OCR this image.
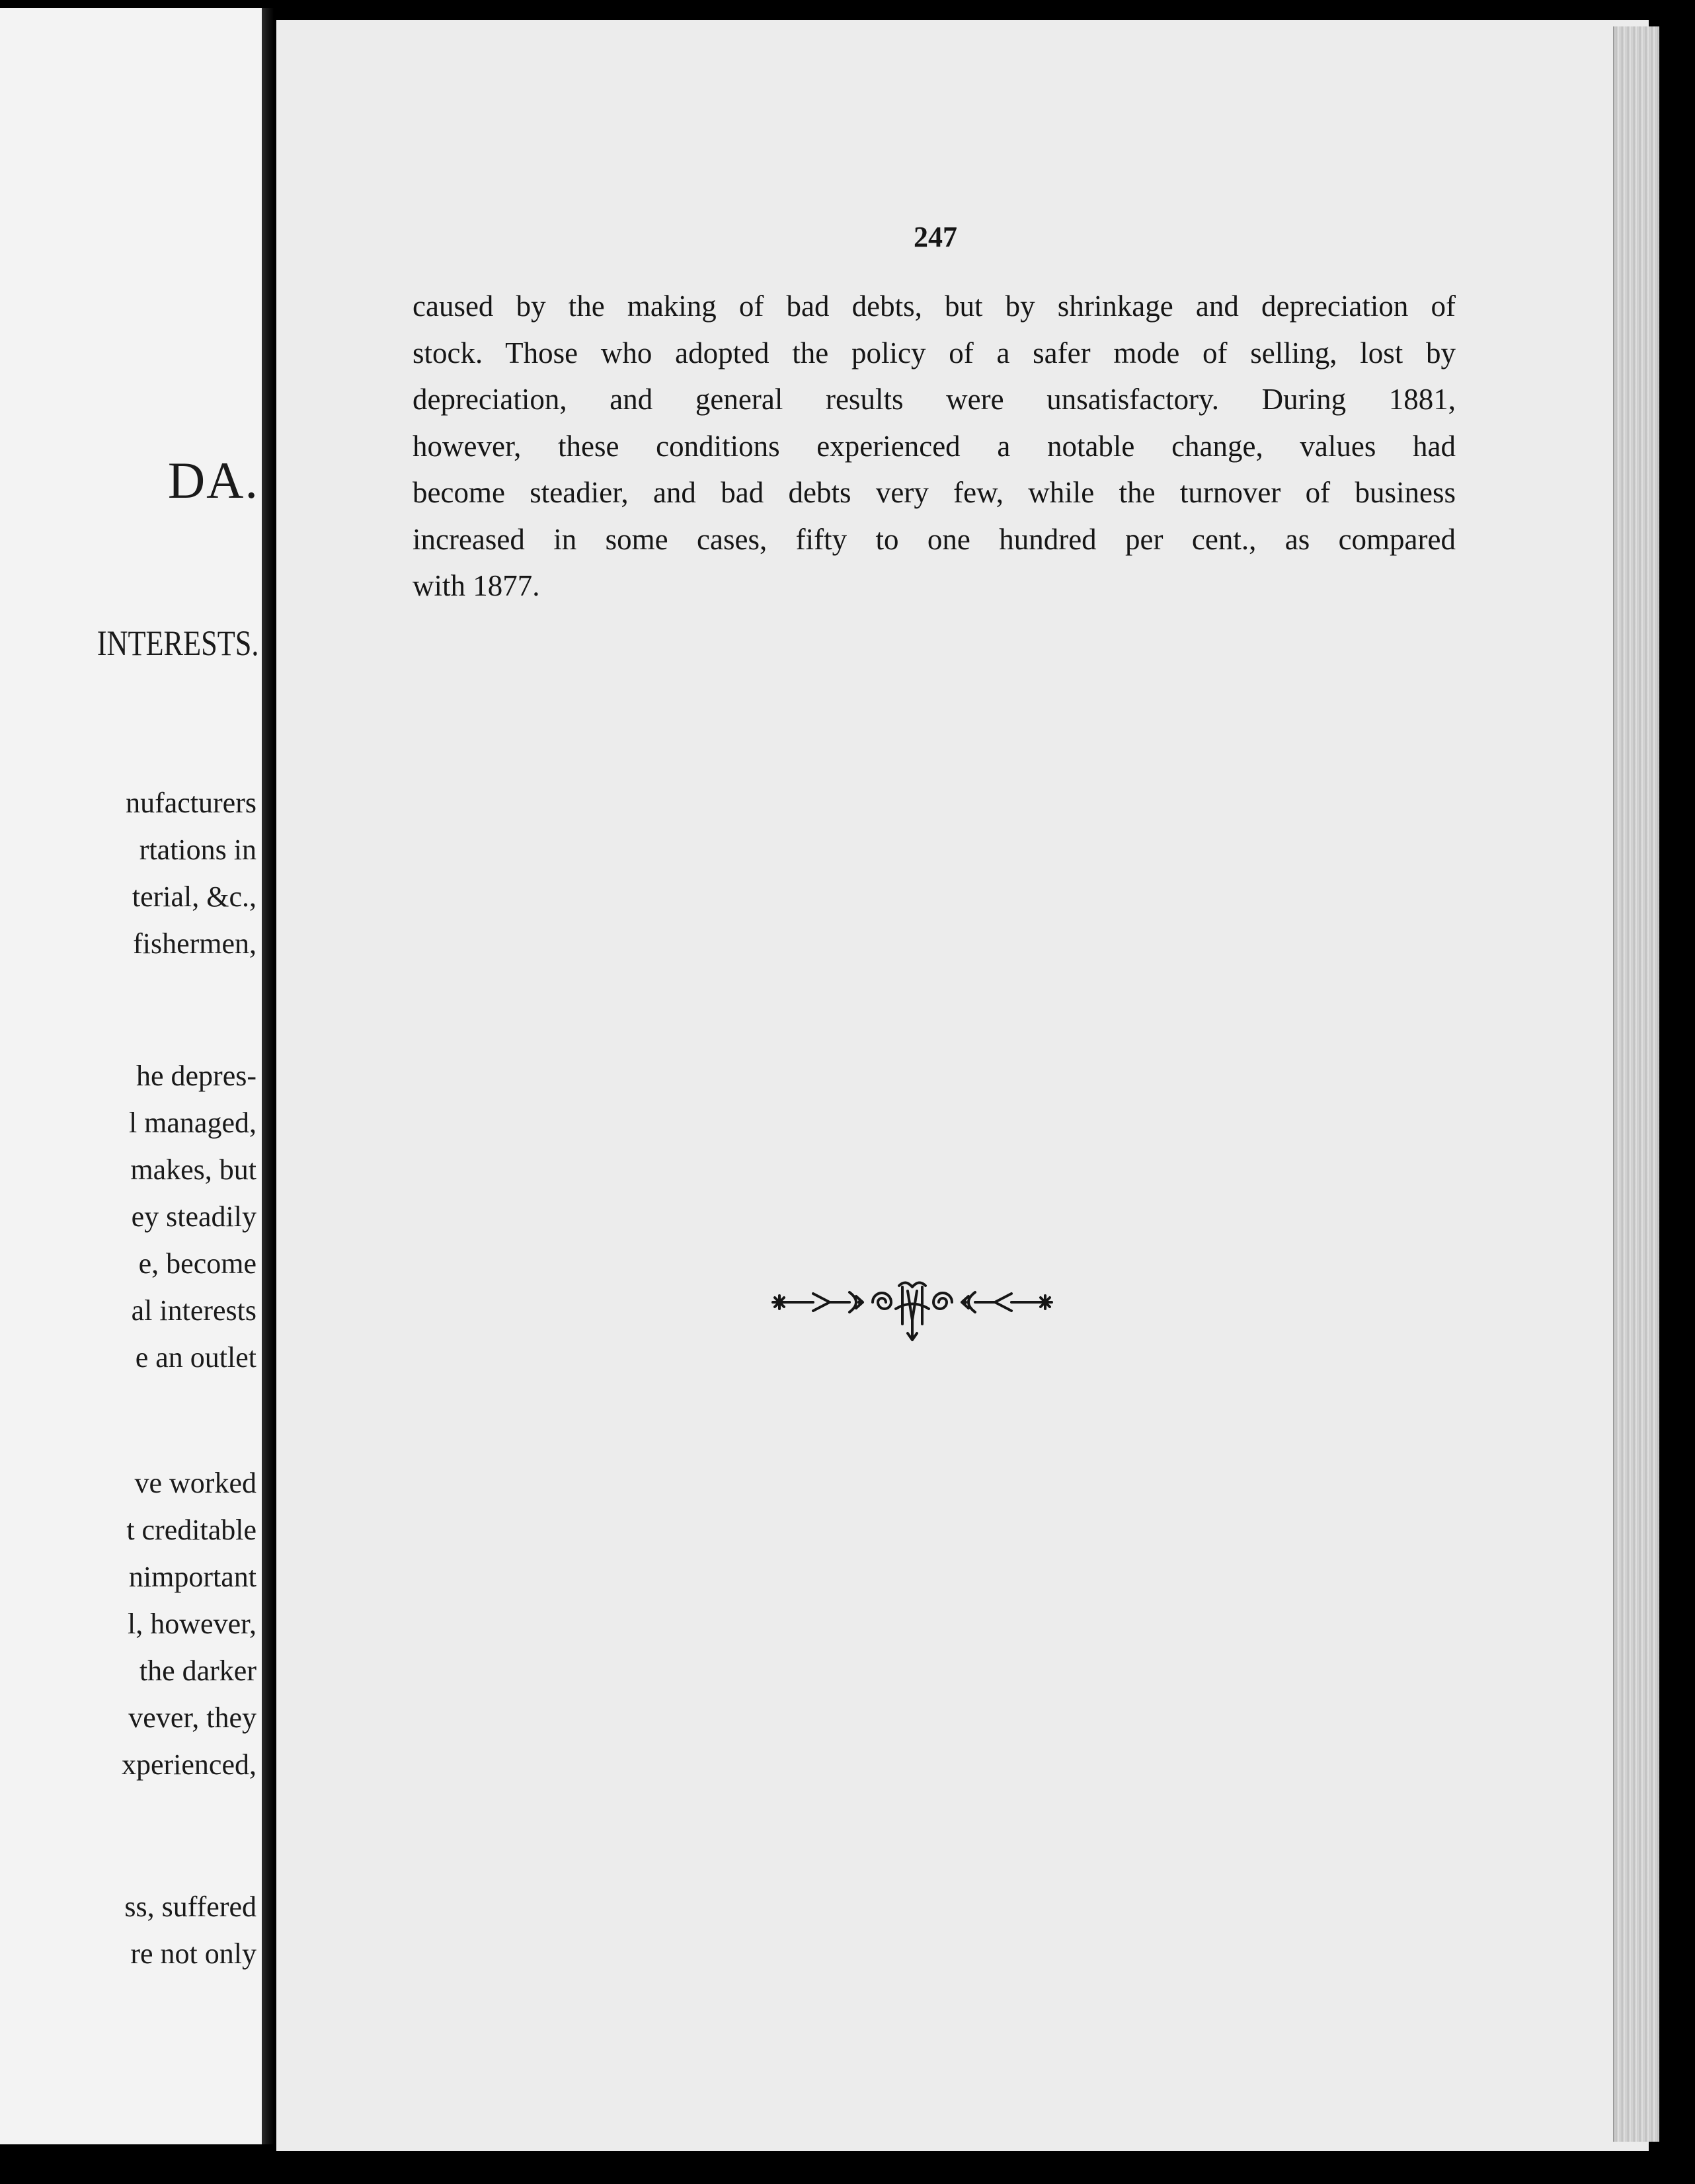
DA.

INTERESTS.

nufacturers
rtations in
terial, &c.,
fishermen,
he depres-
l managed,
makes, but
ey steadily
e, become
al interests
e an outlet
ve worked
t creditable
nimportant
l, however,
the darker
vever, they
xperienced,
ss, suffered
re not only

247

caused by the making of bad debts, but by shrinkage and depreciation of
stock. Those who adopted the policy of a safer mode of selling, lost by
depreciation, and general results were unsatisfactory. During 1881,
however, these conditions experienced a notable change, values had
become steadier, and bad debts very few, while the turnover of business
increased in some cases, fifty to one hundred per cent., as compared
with 1877.
